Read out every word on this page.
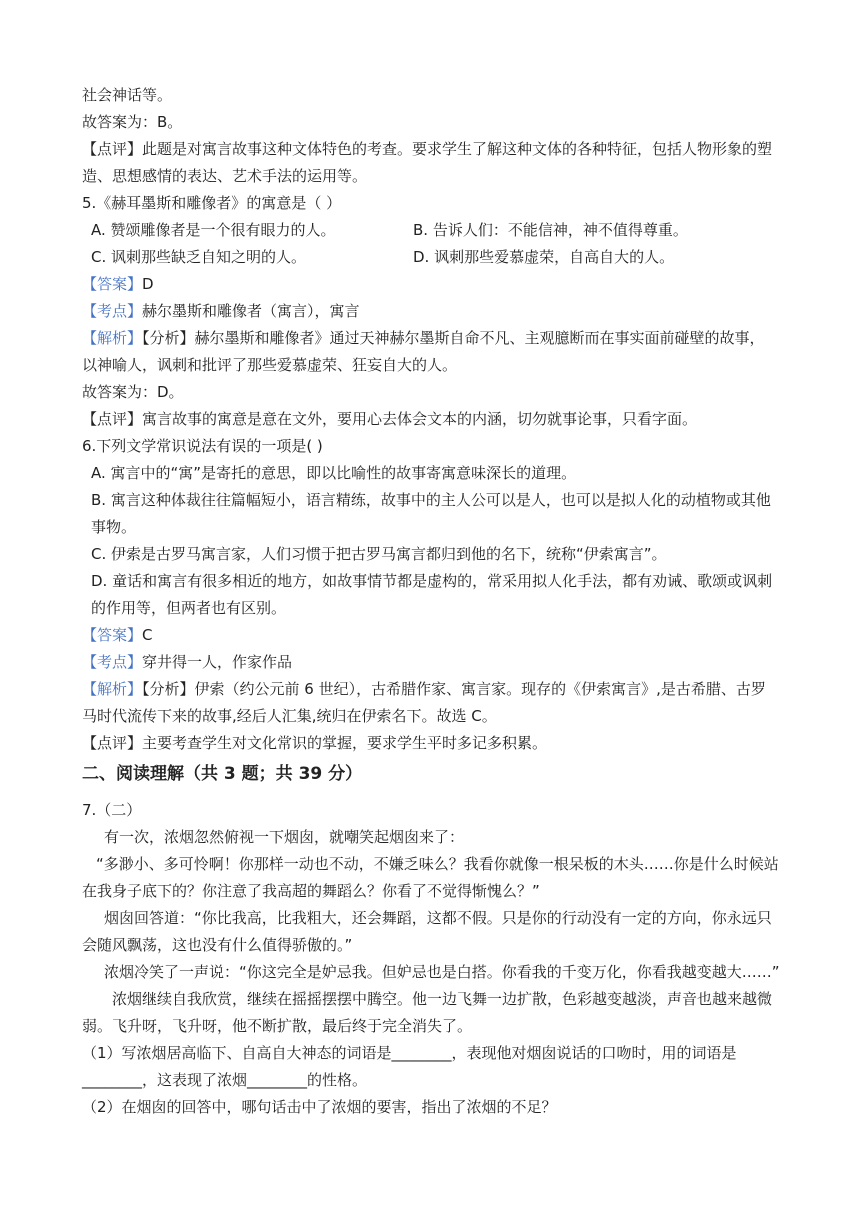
社会神话等。

故答案为：B。

【点评】此题是对寓言故事这种文体特色的考查。要求学生了解这种文体的各种特征，包括人物形象的塑

造、思想感情的表达、艺术手法的运用等。

5.《赫耳墨斯和雕像者》的寓意是（ ）

A. 赞颂雕像者是一个很有眼力的人。	B. 告诉人们：不能信神，神不值得尊重。
C. 讽刺那些缺乏自知之明的人。	D. 讽刺那些爱慕虚荣，自高自大的人。

【答案】D

【考点】赫尔墨斯和雕像者（寓言），寓言

【解析】【分析】赫尔墨斯和雕像者》通过天神赫尔墨斯自命不凡、主观臆断而在事实面前碰壁的故事，

以神喻人，讽刺和批评了那些爱慕虚荣、狂妄自大的人。

故答案为：D。

【点评】寓言故事的寓意是意在文外，要用心去体会文本的内涵，切勿就事论事，只看字面。

6.下列文学常识说法有误的一项是( )

A. 寓言中的“寓”是寄托的意思，即以比喻性的故事寄寓意味深长的道理。

B. 寓言这种体裁往往篇幅短小，语言精练，故事中的主人公可以是人，也可以是拟人化的动植物或其他

事物。

C. 伊索是古罗马寓言家，人们习惯于把古罗马寓言都归到他的名下，统称“伊索寓言”。

D. 童话和寓言有很多相近的地方，如故事情节都是虚构的，常采用拟人化手法，都有劝诫、歌颂或讽刺

的作用等，但两者也有区别。

【答案】C

【考点】穿井得一人，作家作品

【解析】【分析】伊索（约公元前 6 世纪），古希腊作家、寓言家。现存的《伊索寓言》,是古希腊、古罗

马时代流传下来的故事,经后人汇集,统归在伊索名下。故选 C。

【点评】主要考查学生对文化常识的掌握，要求学生平时多记多积累。

二、阅读理解（共 3 题；共 39 分）

7.（二）

有一次，浓烟忽然俯视一下烟囱，就嘲笑起烟囱来了：

“多渺小、多可怜啊！你那样一动也不动，不嫌乏味么？我看你就像一根呆板的木头……你是什么时候站

在我身子底下的？你注意了我高超的舞蹈么？你看了不觉得惭愧么？”

烟囱回答道：“你比我高，比我粗大，还会舞蹈，这都不假。只是你的行动没有一定的方向，你永远只

会随风飘荡，这也没有什么值得骄傲的。”

浓烟冷笑了一声说：“你这完全是妒忌我。但妒忌也是白搭。你看我的千变万化，你看我越变越大……”

浓烟继续自我欣赏，继续在摇摇摆摆中腾空。他一边飞舞一边扩散，色彩越变越淡，声音也越来越微

弱。飞升呀，飞升呀，他不断扩散，最后终于完全消失了。

（1）写浓烟居高临下、自高自大神态的词语是________，表现他对烟囱说话的口吻时，用的词语是

________，这表现了浓烟________的性格。

（2）在烟囱的回答中，哪句话击中了浓烟的要害，指出了浓烟的不足？
